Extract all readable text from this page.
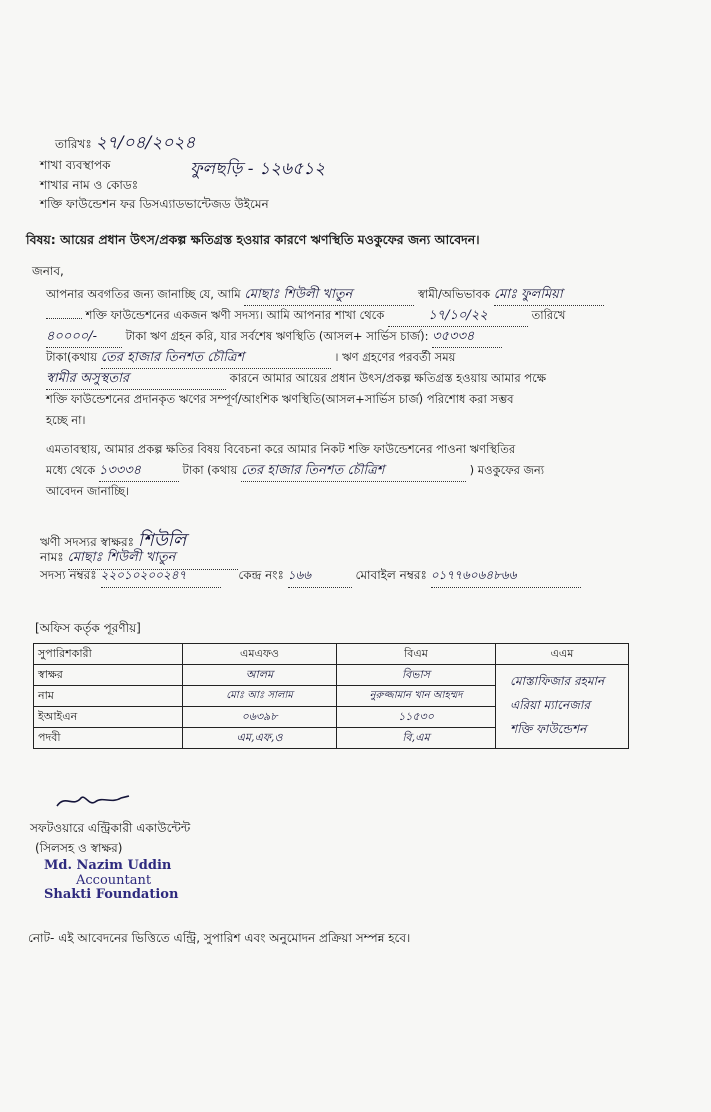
তারিখঃ ২৭/০৪/২০২৪
শাখা ব্যবস্থাপক
শাখার নাম ও কোডঃ
ফুলছড়ি - ১২৬৫১২
শক্তি ফাউন্ডেশন ফর ডিসএ্যাডভান্টেজড উইমেন
বিষয়: আয়ের প্রধান উৎস/প্রকল্প ক্ষতিগ্রস্ত হওয়ার কারণে ঋণস্থিতি মওকুফের জন্য আবেদন।
জনাব,
আপনার অবগতির জন্য জানাচ্ছি যে, আমি মোছাঃ শিউলী খাতুন	স্বামী/অভিভাবক মোঃ ফুলমিয়া
শক্তি ফাউন্ডেশনের একজন ঋণী সদস্য। আমি আপনার শাখা থেকে	১৭/১০/২২	তারিখে
৪০০০০/- টাকা ঋণ গ্রহন করি, যার সর্বশেষ ঋণস্থিতি (আসল+ সার্ভিস চার্জ): ৩৫৩৩৪
টাকা(কথায় তের হাজার তিনশত চৌত্রিশ	। ঋণ গ্রহণের পরবর্তী সময়
স্বামীর অসুস্থতার	কারনে আমার আয়ের প্রধান উৎস/প্রকল্প ক্ষতিগ্রস্ত হওয়ায় আমার পক্ষে
শক্তি ফাউন্ডেশনের প্রদানকৃত ঋণের সম্পূর্ণ/আংশিক ঋণস্থিতি(আসল+সার্ভিস চার্জ) পরিশোধ করা সম্ভব
হচ্ছে না।
এমতাবস্থায়, আমার প্রকল্প ক্ষতির বিষয় বিবেচনা করে আমার নিকট শক্তি ফাউন্ডেশনের পাওনা ঋণস্থিতির
মধ্যে থেকে ১৩৩৩৪	টাকা (কথায় তের হাজার তিনশত চৌত্রিশ	) মওকুফের জন্য
আবেদন জানাচ্ছি।
ঋণী সদস্যর স্বাক্ষরঃ শিউলি
নামঃ মোছাঃ শিউলী খাতুন
সদস্য নম্বরঃ ২২০১০২০০২৪৭	কেন্দ্র নংঃ ১৬৬	মোবাইল নম্বরঃ ০১৭৭৬০৬৪৮৬৬
[অফিস কর্তৃক পূরণীয়]
সুপারিশকারী	এমএফও	বিএম	এএম
স্বাক্ষর	আলম	বিভাস	মোস্তাফিজার রহমান
এরিয়া ম্যানেজার
শক্তি ফাউন্ডেশন

নাম	মোঃ আঃ সালাম	নুরুজ্জামান খান আহম্মদ	
ইআইএন	০৬৩৯৮	১১৫৩০	
পদবী	এম,এফ,ও	বি,এম	
সফটওয়ারে এন্ট্রিকারী একাউন্টেন্ট
(সিলসহ ও স্বাক্ষর)
Md. Nazim Uddin
Accountant
Shakti Foundation
নোট- এই আবেদনের ভিত্তিতে এন্ট্রি, সুপারিশ এবং অনুমোদন প্রক্রিয়া সম্পন্ন হবে।
